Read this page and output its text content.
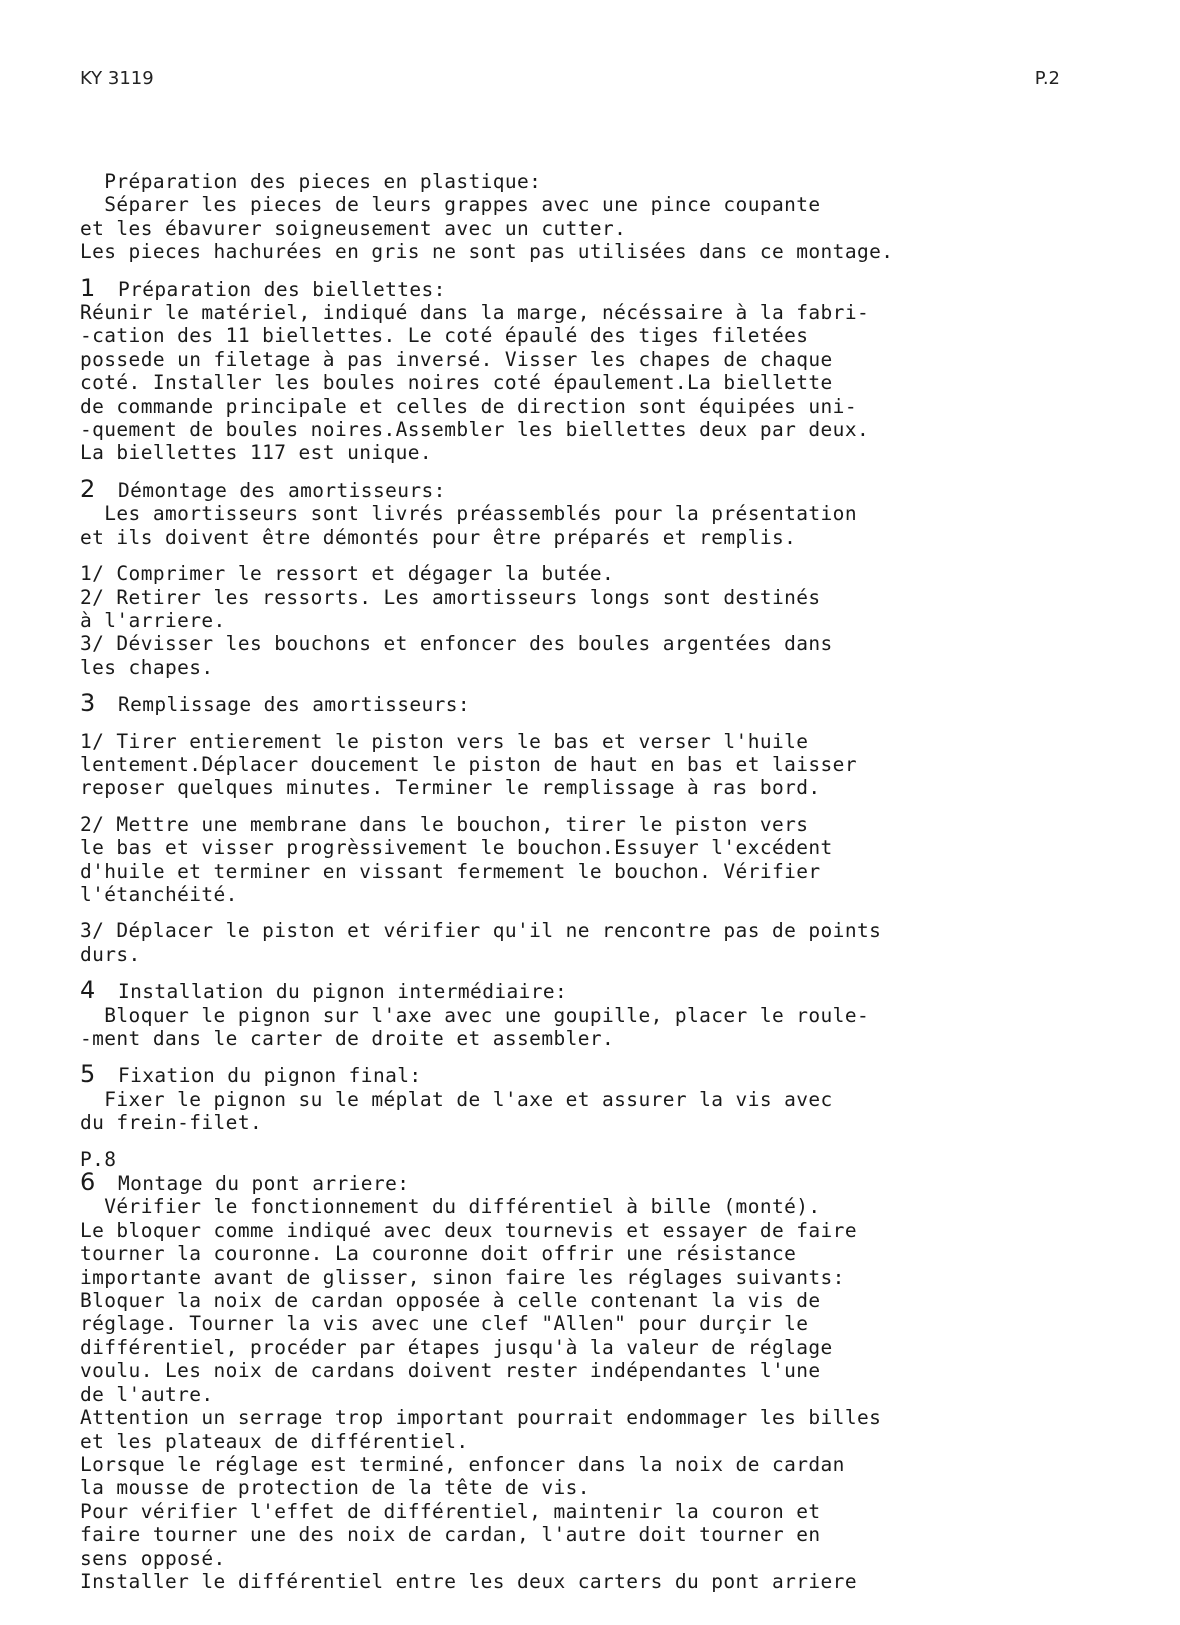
KY 3119	P.2
Préparation des pieces en plastique:
Séparer les pieces de leurs grappes avec une pince coupante
et les ébavurer soigneusement avec un cutter.
Les pieces hachurées en gris ne sont pas utilisées dans ce montage.
1 Préparation des biellettes:
Réunir le matériel, indiqué dans la marge, nécéssaire à la fabri-
-cation des 11 biellettes. Le coté épaulé des tiges filetées
possede un filetage à pas inversé. Visser les chapes de chaque
coté. Installer les boules noires coté épaulement.La biellette
de commande principale et celles de direction sont équipées uni-
-quement de boules noires.Assembler les biellettes deux par deux.
La biellettes 117 est unique.
2 Démontage des amortisseurs:
Les amortisseurs sont livrés préassemblés pour la présentation
et ils doivent être démontés pour être préparés et remplis.
1/ Comprimer le ressort et dégager la butée.
2/ Retirer les ressorts. Les amortisseurs longs sont destinés
à l'arriere.
3/ Dévisser les bouchons et enfoncer des boules argentées dans
les chapes.
3 Remplissage des amortisseurs:
1/ Tirer entierement le piston vers le bas et verser l'huile
lentement.Déplacer doucement le piston de haut en bas et laisser
reposer quelques minutes. Terminer le remplissage à ras bord.
2/ Mettre une membrane dans le bouchon, tirer le piston vers
le bas et visser progrèssivement le bouchon.Essuyer l'excédent
d'huile et terminer en vissant fermement le bouchon. Vérifier
l'étanchéité.
3/ Déplacer le piston et vérifier qu'il ne rencontre pas de points
durs.
4 Installation du pignon intermédiaire:
Bloquer le pignon sur l'axe avec une goupille, placer le roule-
-ment dans le carter de droite et assembler.
5 Fixation du pignon final:
Fixer le pignon su le méplat de l'axe et assurer la vis avec
du frein-filet.
P.8
6 Montage du pont arriere:
Vérifier le fonctionnement du différentiel à bille (monté).
Le bloquer comme indiqué avec deux tournevis et essayer de faire
tourner la couronne. La couronne doit offrir une résistance
importante avant de glisser, sinon faire les réglages suivants:
Bloquer la noix de cardan opposée à celle contenant la vis de
réglage. Tourner la vis avec une clef "Allen" pour durçir le
différentiel, procéder par étapes jusqu'à la valeur de réglage
voulu. Les noix de cardans doivent rester indépendantes l'une
de l'autre.
Attention un serrage trop important pourrait endommager les billes
et les plateaux de différentiel.
Lorsque le réglage est terminé, enfoncer dans la noix de cardan
la mousse de protection de la tête de vis.
Pour vérifier l'effet de différentiel, maintenir la couron et
faire tourner une des noix de cardan, l'autre doit tourner en
sens opposé.
Installer le différentiel entre les deux carters du pont arriere
